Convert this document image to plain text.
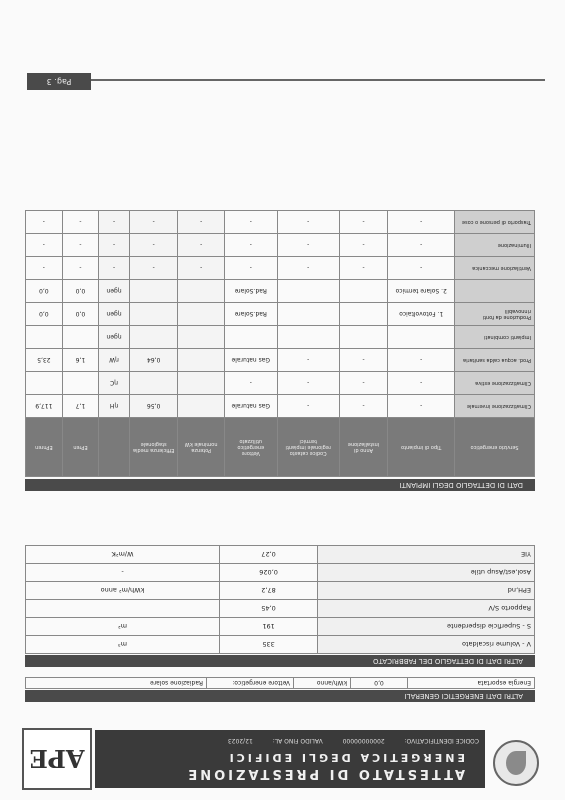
ATTESTATO DI PRESTAZIONE
ENERGETICA DEGLI EDIFICI
CODICE IDENTIFICATIVO: 20000000000 VALIDO FINO AL: 12/2023
APE
ALTRI DATI ENERGETICI GENERALI
Energia esportata	0,0	kWh/anno	Vettore energetico:	Radiazione solare
ALTRI DATI DI DETTAGLIO DEL FABBRICATO
V - Volume riscaldato	335	m³
S - Superficie disperdente	191	m²
Rapporto S/V	0,45	
EPH,nd	87,2	kWh/m² anno
Asol,est/Asup utile	0,026	-
YIE	0,27	W/m²K
DATI DI DETTAGLIO DEGLI IMPIANTI
Servizio energetico	Tipo di impianto	Anno di installazione	Codice catasto regionale impianti termici	Vettore energetico utilizzato	Potenza nominale kW	Efficienza media stagionale		EPren	EPnren
Climatizzazione invernale	-	-	-	Gas naturale		0,56	ηH	1,7	117,9
Climatizzazione estiva	-	-	-	-			ηC		
Prod. acqua calda sanitaria	-	-	-	Gas naturale		0,64	ηW	1,6	23,5
Impianti combinati							ηgen		
Produzione da fonti rinnovabili	1. Fotovoltaico			Rad.Solare			ηgen	0,0	0,0
	2. Solare termico			Rad.Solare			ηgen	0,0	0,0
Ventilazione meccanica	-	-	-	-	-	-	-	-	-
Illuminazione	-	-	-	-	-	-	-	-	-
Trasporto di persone o cose	-	-	-	-	-	-	-	-	-
Pag. 3
